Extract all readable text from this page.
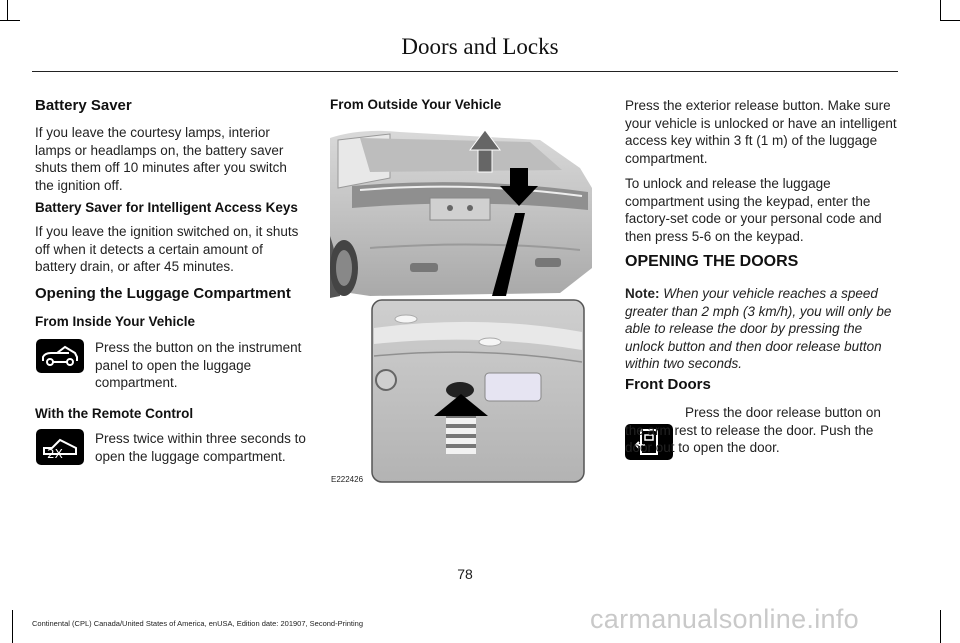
Doors and Locks
Battery Saver
If you leave the courtesy lamps, interior lamps or headlamps on, the battery saver shuts them off 10 minutes after you switch the ignition off.
Battery Saver for Intelligent Access Keys
If you leave the ignition switched on, it shuts off when it detects a certain amount of battery drain, or after 45 minutes.
Opening the Luggage Compartment
From Inside Your Vehicle
Press the button on the instrument panel to open the luggage compartment.
With the Remote Control
2X
Press twice within three seconds to open the luggage compartment.
From Outside Your Vehicle
E222426
Press the exterior release button. Make sure your vehicle is unlocked or have an intelligent access key within 3 ft (1 m) of the luggage compartment.
To unlock and release the luggage compartment using the keypad, enter the factory-set code or your personal code and then press 5-6 on the keypad.
OPENING THE DOORS
Note: When your vehicle reaches a speed greater than 2 mph (3 km/h), you will only be able to release the door by pressing the unlock button and then door release button within two seconds.
Front Doors
Press the door release button on the arm rest to release the door. Push the door out to open the door.
78
Continental (CPL) Canada/United States of America, enUSA, Edition date: 201907, Second-Printing	carmanualsonline.info
